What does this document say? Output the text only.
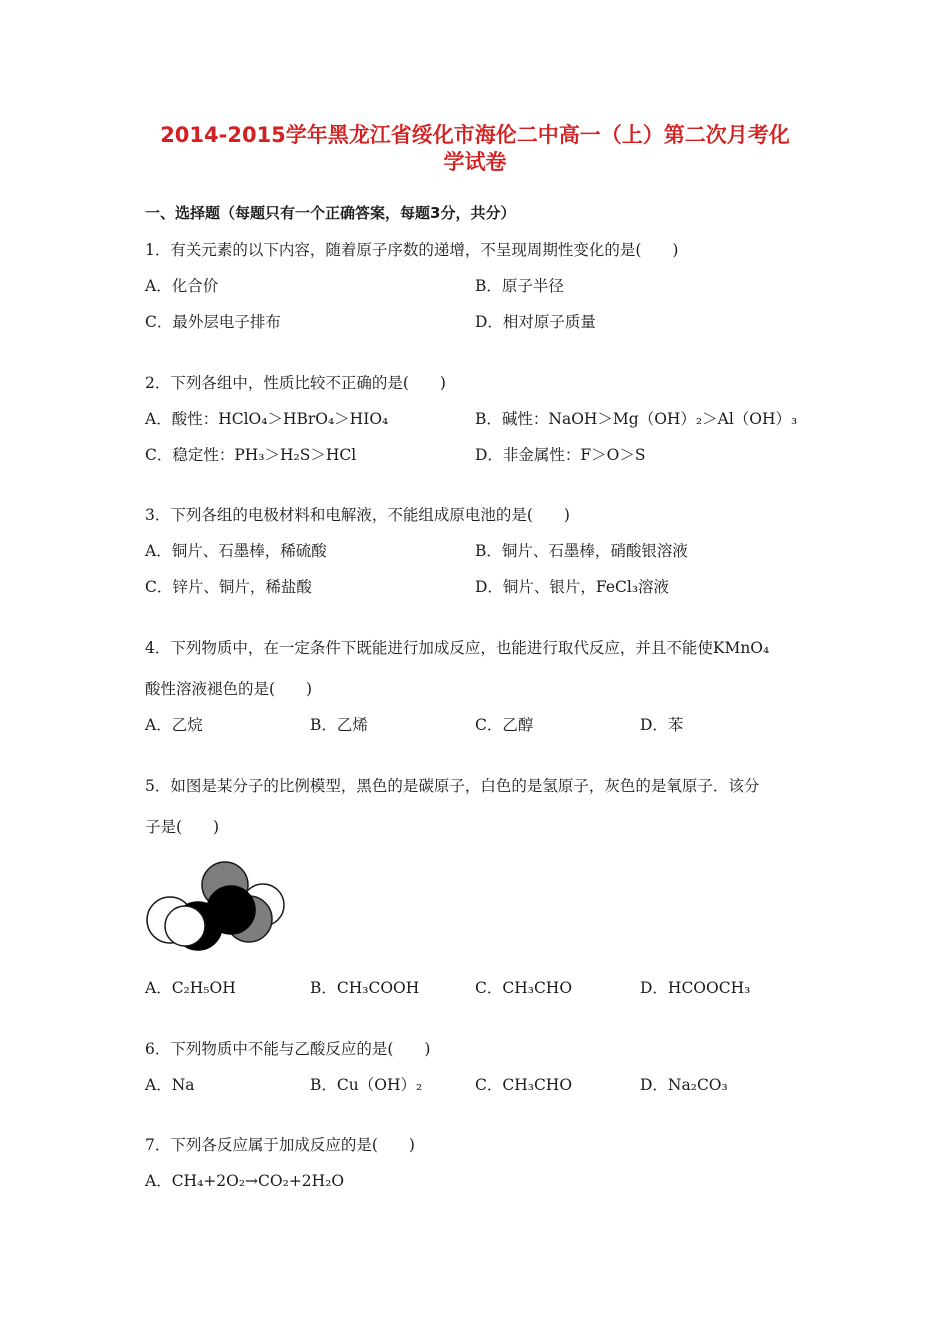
2014-2015学年黑龙江省绥化市海伦二中高一（上）第二次月考化
学试卷
一、选择题（每题只有一个正确答案，每题3分，共分）
1．有关元素的以下内容，随着原子序数的递增，不呈现周期性变化的是(　　)
A．化合价	B．原子半径
C．最外层电子排布	D．相对原子质量
2．下列各组中，性质比较不正确的是(　　)
A．酸性：HClO₄＞HBrO₄＞HIO₄	B．碱性：NaOH＞Mg（OH）₂＞Al（OH）₃
C．稳定性：PH₃＞H₂S＞HCl	D．非金属性：F＞O＞S
3．下列各组的电极材料和电解液，不能组成原电池的是(　　)
A．铜片、石墨棒，稀硫酸	B．铜片、石墨棒，硝酸银溶液
C．锌片、铜片，稀盐酸	D．铜片、银片，FeCl₃溶液
4．下列物质中，在一定条件下既能进行加成反应，也能进行取代反应，并且不能使KMnO₄
酸性溶液褪色的是(　　)
A．乙烷	B．乙烯	C．乙醇	D．苯
5．如图是某分子的比例模型，黑色的是碳原子，白色的是氢原子，灰色的是氧原子．该分
子是(　　)
A．C₂H₅OH	B．CH₃COOH	C．CH₃CHO	D．HCOOCH₃
6．下列物质中不能与乙酸反应的是(　　)
A．Na	B．Cu（OH）₂	C．CH₃CHO	D．Na₂CO₃
7．下列各反应属于加成反应的是(　　)
A．CH₄+2O₂→CO₂+2H₂O
